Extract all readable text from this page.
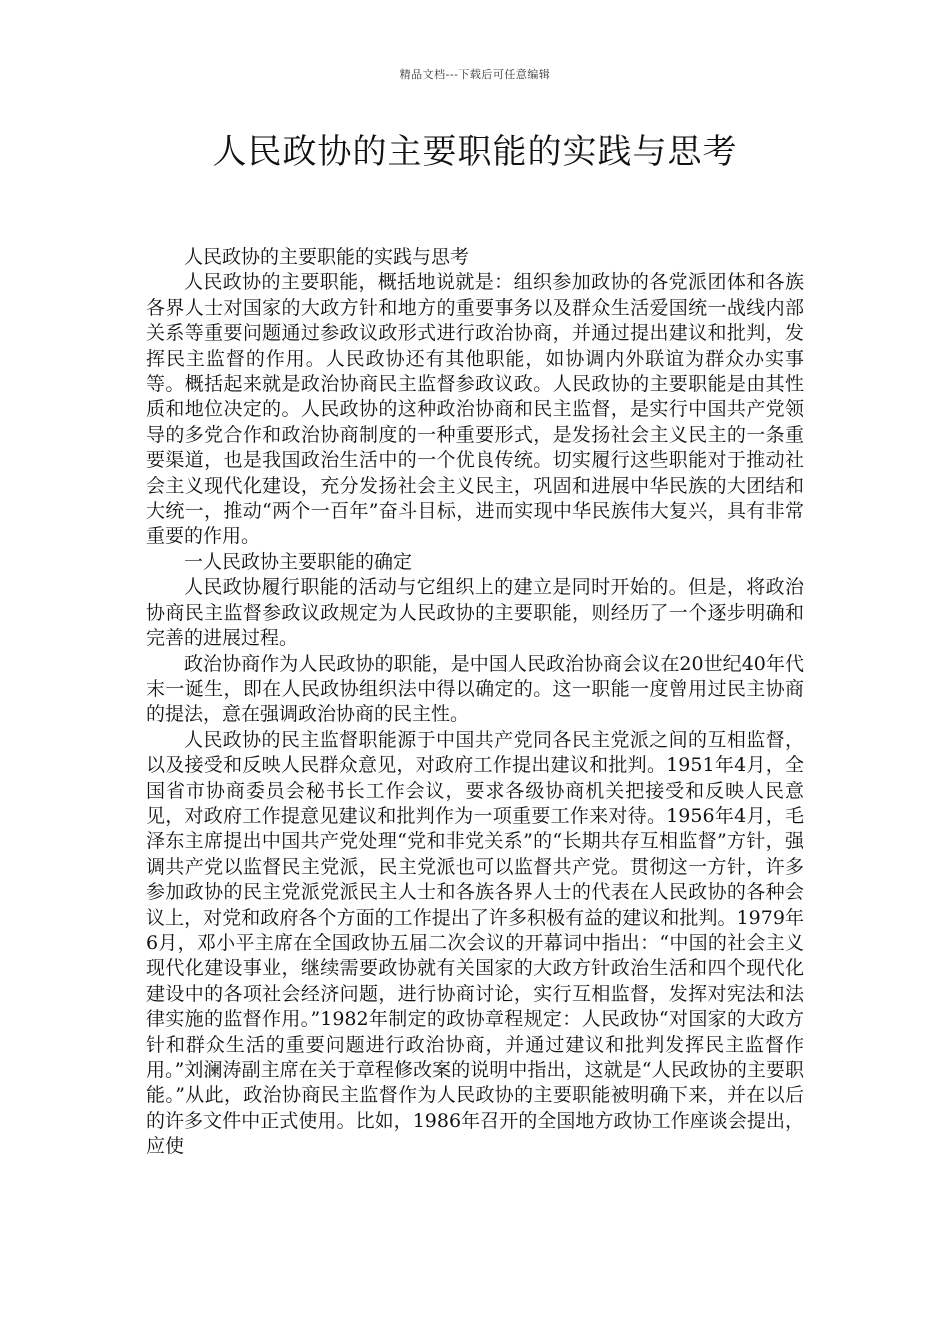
精品文档---下载后可任意编辑
人民政协的主要职能的实践与思考

人民政协的主要职能的实践与思考

人民政协的主要职能，概括地说就是：组织参加政协的各党派团体和各族各界人士对国家的大政方针和地方的重要事务以及群众生活爱国统一战线内部关系等重要问题通过参政议政形式进行政治协商，并通过提出建议和批判，发挥民主监督的作用。人民政协还有其他职能，如协调内外联谊为群众办实事等。概括起来就是政治协商民主监督参政议政。人民政协的主要职能是由其性质和地位决定的。人民政协的这种政治协商和民主监督，是实行中国共产党领导的多党合作和政治协商制度的一种重要形式，是发扬社会主义民主的一条重要渠道，也是我国政治生活中的一个优良传统。切实履行这些职能对于推动社会主义现代化建设，充分发扬社会主义民主，巩固和进展中华民族的大团结和大统一，推动“两个一百年”奋斗目标，进而实现中华民族伟大复兴，具有非常重要的作用。

一人民政协主要职能的确定

人民政协履行职能的活动与它组织上的建立是同时开始的。但是，将政治协商民主监督参政议政规定为人民政协的主要职能，则经历了一个逐步明确和完善的进展过程。

政治协商作为人民政协的职能，是中国人民政治协商会议在20世纪40年代末一诞生，即在人民政协组织法中得以确定的。这一职能一度曾用过民主协商的提法，意在强调政治协商的民主性。

人民政协的民主监督职能源于中国共产党同各民主党派之间的互相监督，以及接受和反映人民群众意见，对政府工作提出建议和批判。1951年4月，全国省市协商委员会秘书长工作会议，要求各级协商机关把接受和反映人民意见，对政府工作提意见建议和批判作为一项重要工作来对待。1956年4月，毛泽东主席提出中国共产党处理“党和非党关系”的“长期共存互相监督”方针，强调共产党以监督民主党派，民主党派也可以监督共产党。贯彻这一方针，许多参加政协的民主党派党派民主人士和各族各界人士的代表在人民政协的各种会议上，对党和政府各个方面的工作提出了许多积极有益的建议和批判。1979年6月，邓小平主席在全国政协五届二次会议的开幕词中指出：“中国的社会主义现代化建设事业，继续需要政协就有关国家的大政方针政治生活和四个现代化建设中的各项社会经济问题，进行协商讨论，实行互相监督，发挥对宪法和法律实施的监督作用。”1982年制定的政协章程规定：人民政协“对国家的大政方针和群众生活的重要问题进行政治协商，并通过建议和批判发挥民主监督作用。”刘澜涛副主席在关于章程修改案的说明中指出，这就是“人民政协的主要职能。”从此，政治协商民主监督作为人民政协的主要职能被明确下来，并在以后的许多文件中正式使用。比如，1986年召开的全国地方政协工作座谈会提出，应使
